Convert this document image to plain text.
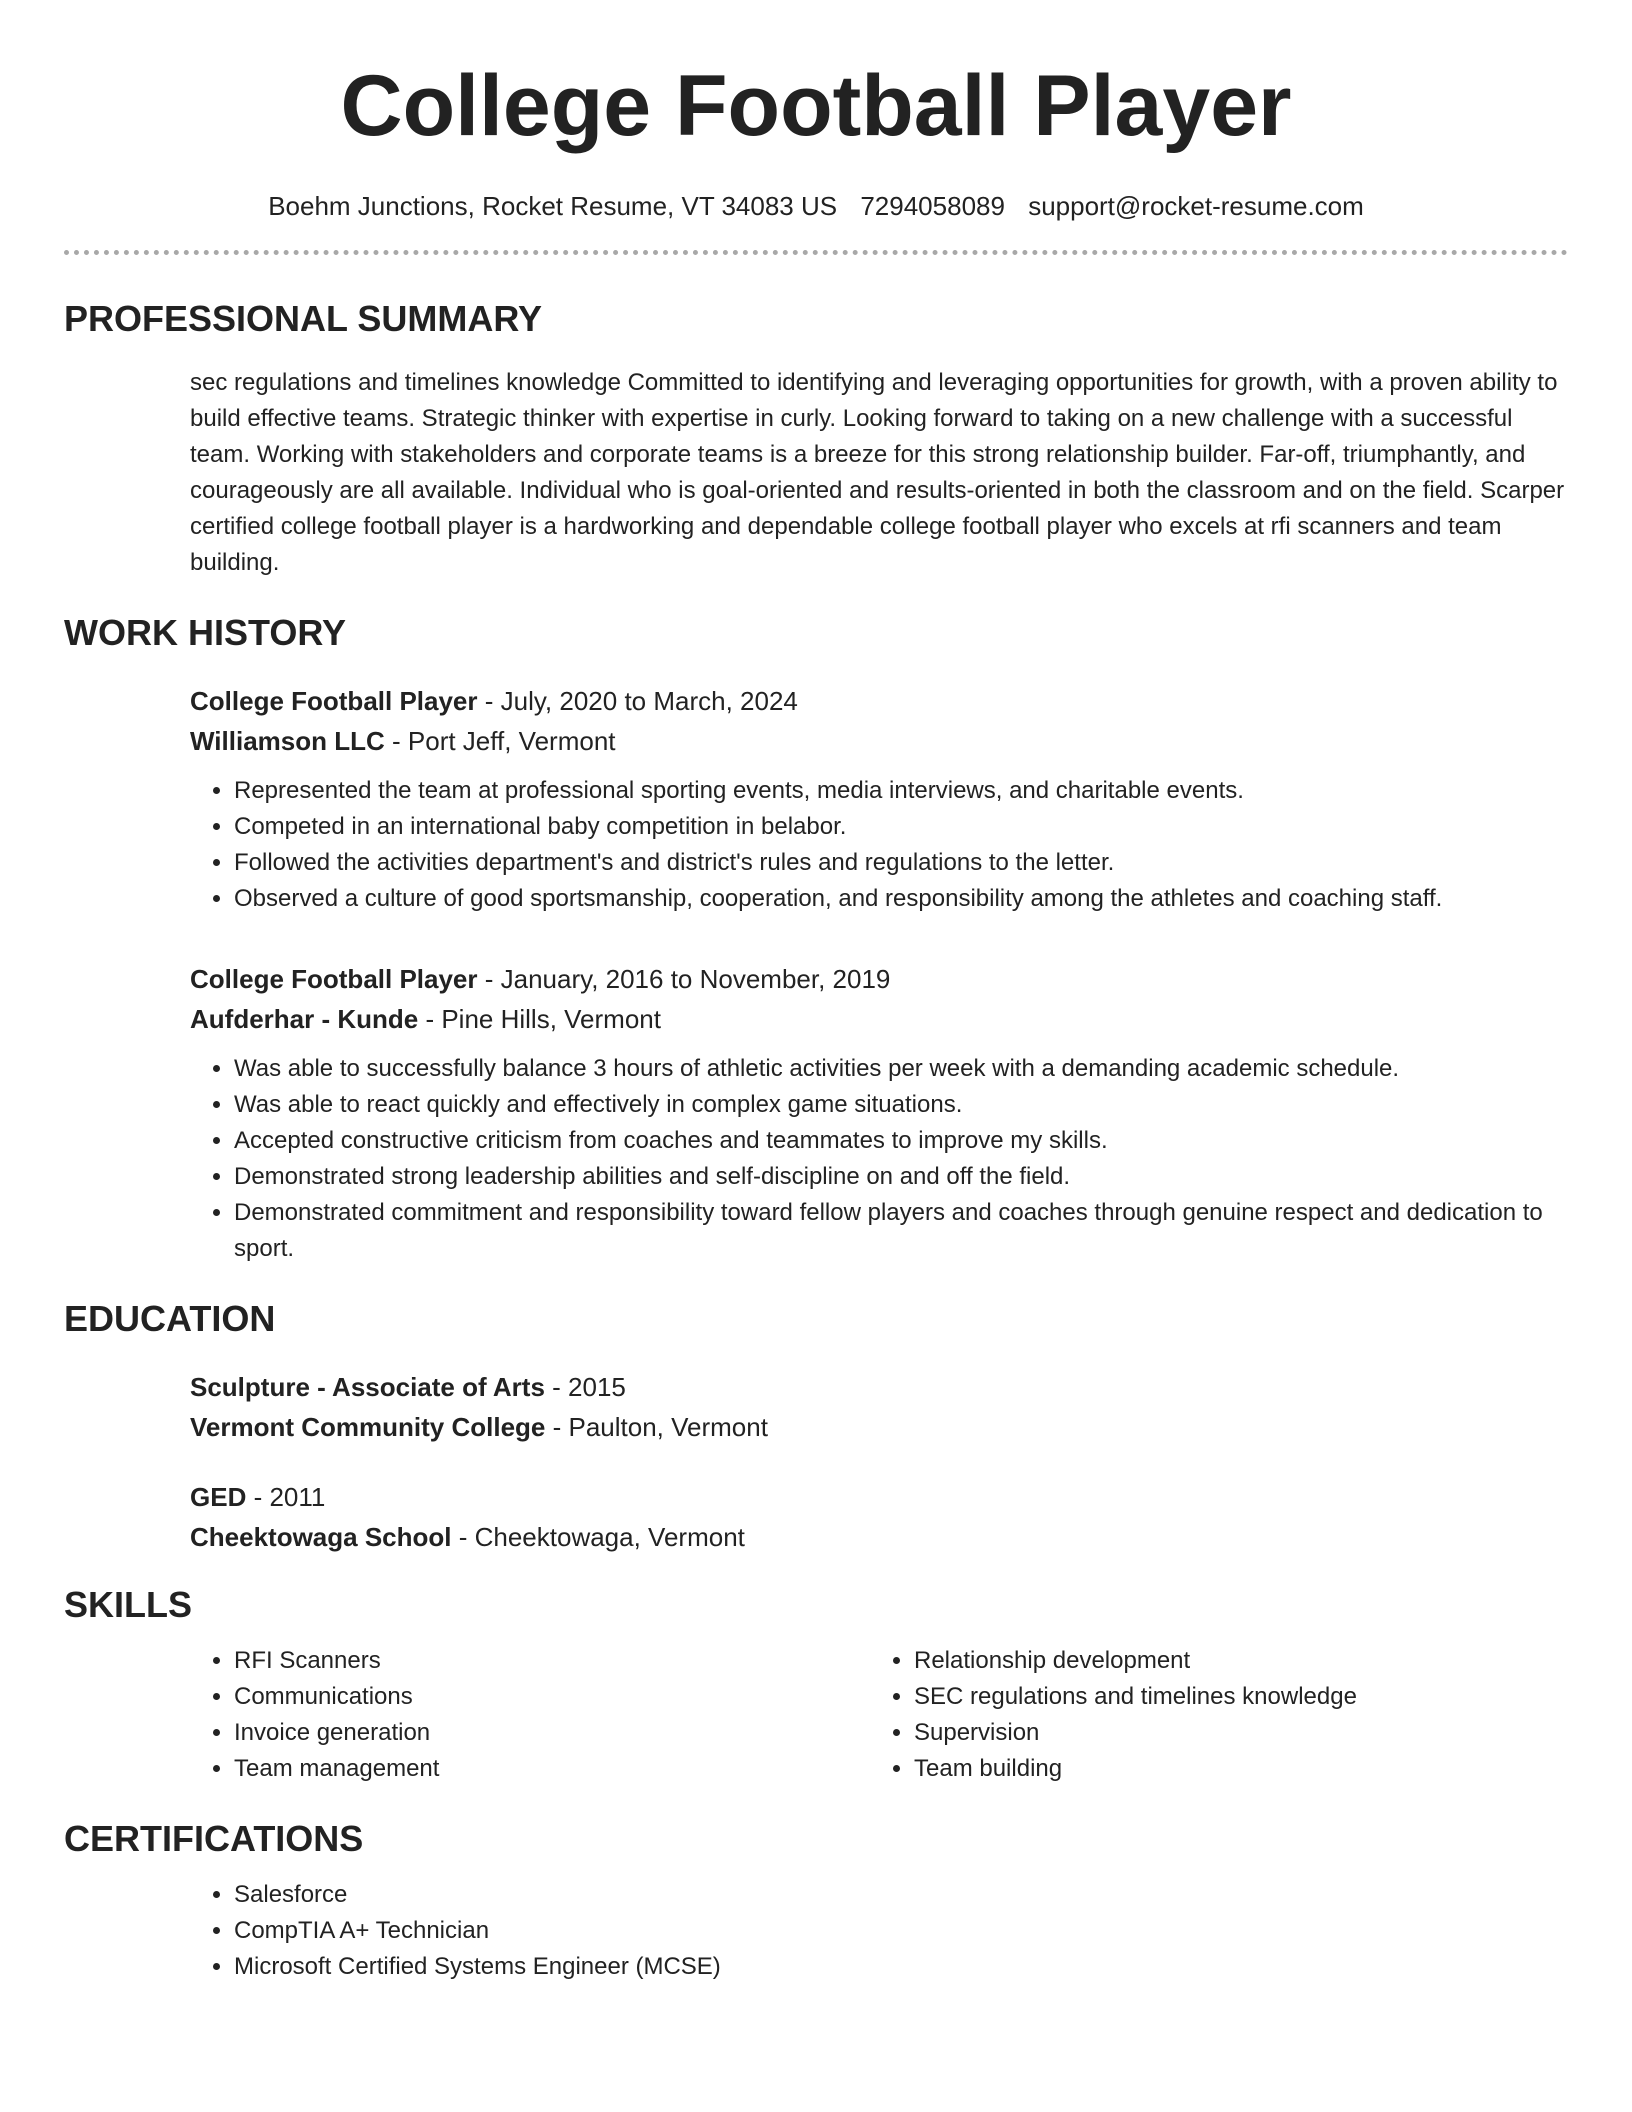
College Football Player
Boehm Junctions, Rocket Resume, VT 34083 US 7294058089 support@rocket-resume.com
PROFESSIONAL SUMMARY

sec regulations and timelines knowledge Committed to identifying and leveraging opportunities for growth, with a proven ability to build effective teams. Strategic thinker with expertise in curly. Looking forward to taking on a new challenge with a successful team. Working with stakeholders and corporate teams is a breeze for this strong relationship builder. Far-off, triumphantly, and courageously are all available. Individual who is goal-oriented and results-oriented in both the classroom and on the field. Scarper certified college football player is a hardworking and dependable college football player who excels at rfi scanners and team building.

WORK HISTORY
College Football Player - July, 2020 to March, 2024
Williamson LLC - Port Jeff, Vermont
• Represented the team at professional sporting events, media interviews, and charitable events.
• Competed in an international baby competition in belabor.
• Followed the activities department's and district's rules and regulations to the letter.
• Observed a culture of good sportsmanship, cooperation, and responsibility among the athletes and coaching staff.
College Football Player - January, 2016 to November, 2019
Aufderhar - Kunde - Pine Hills, Vermont
• Was able to successfully balance 3 hours of athletic activities per week with a demanding academic schedule.
• Was able to react quickly and effectively in complex game situations.
• Accepted constructive criticism from coaches and teammates to improve my skills.
• Demonstrated strong leadership abilities and self-discipline on and off the field.
• Demonstrated commitment and responsibility toward fellow players and coaches through genuine respect and dedication to sport.
EDUCATION
Sculpture - Associate of Arts - 2015
Vermont Community College - Paulton, Vermont
GED - 2011
Cheektowaga School - Cheektowaga, Vermont
SKILLS
• RFI Scanners
• Communications
• Invoice generation
• Team management
• Relationship development
• SEC regulations and timelines knowledge
• Supervision
• Team building
CERTIFICATIONS
• Salesforce
• CompTIA A+ Technician
• Microsoft Certified Systems Engineer (MCSE)
